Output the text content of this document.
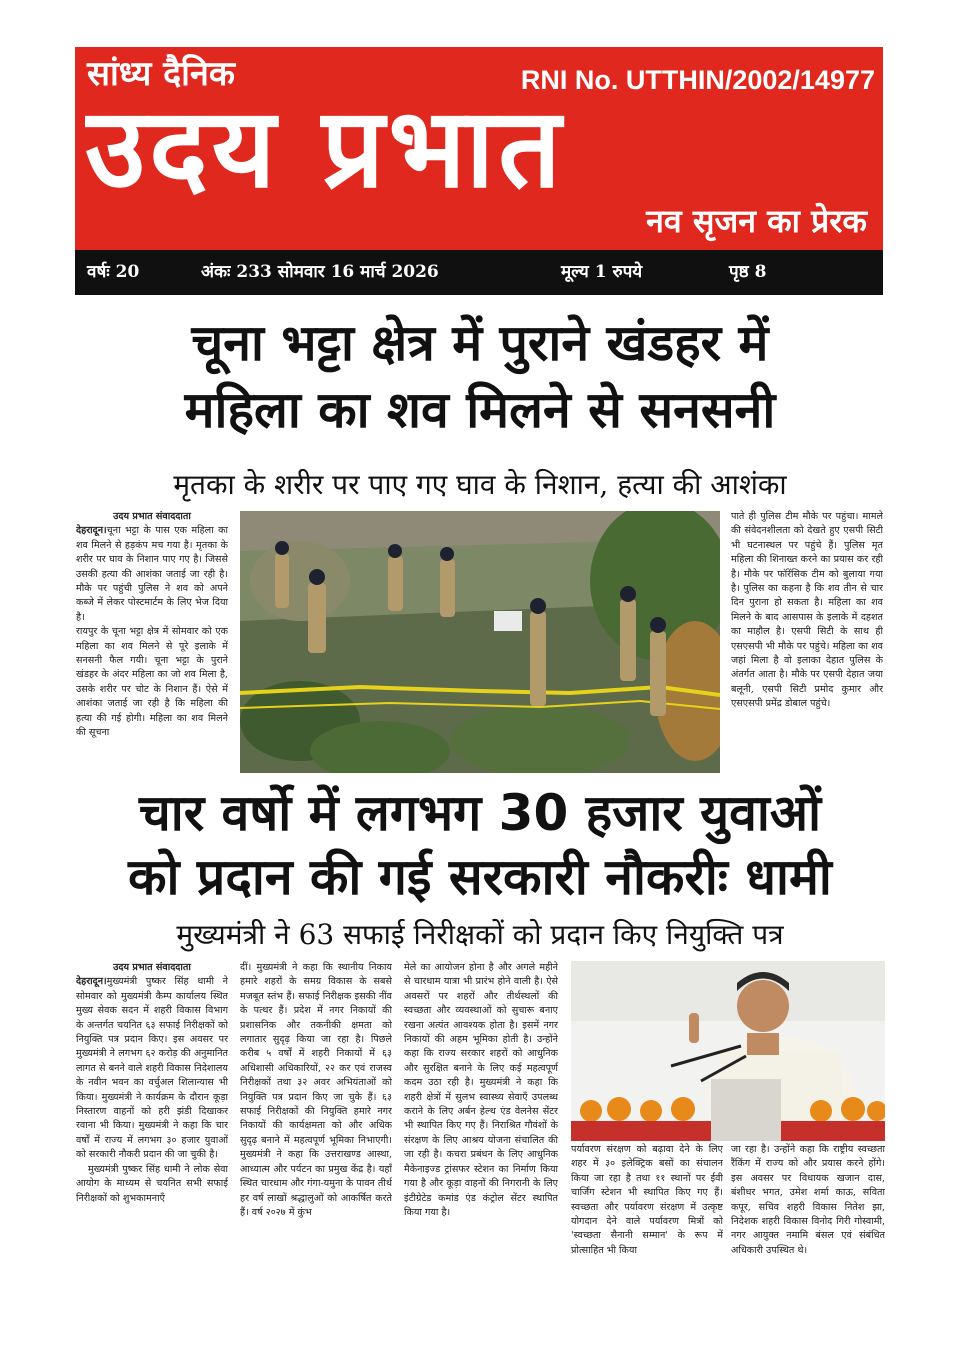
सांध्य दैनिक	RNI No. UTTHIN/2002/14977
उदय प्रभात
नव सृजन का प्रेरक
वर्षः 20	अंकः 233 सोमवार 16 मार्च 2026	मूल्य 1 रुपये	पृष्ठ 8
चूना भट्टा क्षेत्र में पुराने खंडहर में
महिला का शव मिलने से सनसनी
मृतका के शरीर पर पाए गए घाव के निशान, हत्या की आशंका
उदय प्रभात संवाददाता

देहरादून।चूना भट्टा के पास एक महिला का शव मिलने से हड़कंप मच गया है। मृतका के शरीर पर घाव के निशान पाए गए है। जिससे उसकी हत्या की आशंका जताई जा रही है। मौके पर पहुंची पुलिस ने शव को अपने कब्जे में लेकर पोस्टमार्टम के लिए भेज दिया है।

रायपुर के चूना भट्टा क्षेत्र में सोमवार को एक महिला का शव मिलने से पूरे इलाके में सनसनी फैल गयी। चूना भट्टा के पुराने खंडहर के अंदर महिला का जो शव मिला है, उसके शरीर पर चोट के निशान हैं। ऐसे में आशंका जताई जा रही है कि महिला की हत्या की गई होगी। महिला का शव मिलने की सूचना

पाते ही पुलिस टीम मौके पर पहुंचा। मामले की संवेदनशीलता को देखते हुए एसपी सिटी भी घटनास्थल पर पहुंचे हैं। पुलिस मृत महिला की शिनाख्त करने का प्रयास कर रही है। मौके पर फॉरेंसिक टीम को बुलाया गया है। पुलिस का कहना है कि शव तीन से चार दिन पुराना हो सकता है। महिला का शव मिलने के बाद आसपास के इलाके में दहशत का माहौल है। एसपी सिटी के साथ ही एसएसपी भी मौके पर पहुंचे। महिला का शव जहां मिला है वो इलाका देहात पुलिस के अंतर्गत आता है। मौके पर एसपी देहात जया बलूनी, एसपी सिटी प्रमोद कुमार और एसएसपी प्रमेंद्र डोबाल पहुंचे।
चार वर्षो में लगभग 30 हजार युवाओं
को प्रदान की गई सरकारी नौकरीः धामी
मुख्यमंत्री ने 63 सफाई निरीक्षकों को प्रदान किए नियुक्ति पत्र
उदय प्रभात संवाददाता

देहरादून।मुख्यमंत्री पुष्कर सिंह धामी ने सोमवार को मुख्यमंत्री कैम्प कार्यालय स्थित मुख्य सेवक सदन में शहरी विकास विभाग के अन्तर्गत चयनित ६३ सफाई निरीक्षकों को नियुक्ति पत्र प्रदान किए। इस अवसर पर मुख्यमंत्री ने लगभग ६२ करोड़ की अनुमानित लागत से बनने वाले शहरी विकास निदेशालय के नवीन भवन का वर्चुअल शिलान्यास भी किया। मुख्यमंत्री ने कार्यक्रम के दौरान कूड़ा निस्तारण वाहनों को हरी झंडी दिखाकर रवाना भी किया। मुख्यमंत्री ने कहा कि चार वर्षों में राज्य में लगभग ३० हजार युवाओं को सरकारी नौकरी प्रदान की जा चुकी है।

मुख्यमंत्री पुष्कर सिंह धामी ने लोक सेवा आयोग के माध्यम से चयनित सभी सफाई निरीक्षकों को शुभकामनाएँ

दीं। मुख्यमंत्री ने कहा कि स्थानीय निकाय हमारे शहरों के समग्र विकास के सबसे मजबूत स्तंभ हैं। सफाई निरीक्षक इसकी नींव के पत्थर हैं। प्रदेश में नगर निकायों की प्रशासनिक और तकनीकी क्षमता को लगातार सुदृढ़ किया जा रहा है। पिछले करीब ५ वर्षों में शहरी निकायों में ६३ अधिशासी अधिकारियों, २२ कर एवं राजस्व निरीक्षकों तथा ३२ अवर अभियंताओं को नियुक्ति पत्र प्रदान किए जा चुके हैं। ६३ सफाई निरीक्षकों की नियुक्ति हमारे नगर निकायों की कार्यक्षमता को और अधिक सुदृढ़ बनाने में महत्वपूर्ण भूमिका निभाएगी। मुख्यमंत्री ने कहा कि उत्तराखण्ड आस्था, आध्यात्म और पर्यटन का प्रमुख केंद्र है। यहाँ स्थित चारधाम और गंगा-यमुना के पावन तीर्थ हर वर्ष लाखों श्रद्धालुओं को आकर्षित करते हैं। वर्ष २०२७ में कुंभ
मेले का आयोजन होना है और अगले महीने से चारधाम यात्रा भी प्रारंभ होने वाली है। ऐसे अवसरों पर शहरों और तीर्थस्थलों की स्वच्छता और व्यवस्थाओं को सुचारू बनाए रखना अत्यंत आवश्यक होता है। इसमें नगर निकायों की अहम भूमिका होती है। उन्होंने कहा कि राज्य सरकार शहरों को आधुनिक और सुरक्षित बनाने के लिए कई महत्वपूर्ण कदम उठा रही है। मुख्यमंत्री ने कहा कि शहरी क्षेत्रों में सुलभ स्वास्थ्य सेवाएँ उपलब्ध कराने के लिए अर्बन हेल्थ एंड वेलनेस सेंटर भी स्थापित किए गए हैं। निराश्रित गौवंशों के संरक्षण के लिए आश्रय योजना संचालित की जा रही है। कचरा प्रबंधन के लिए आधुनिक मैकेनाइज्ड ट्रांसफर स्टेशन का निर्माण किया गया है और कूड़ा वाहनों की निगरानी के लिए इंटीग्रेटेड कमांड एंड कंट्रोल सेंटर स्थापित किया गया है।
पर्यावरण संरक्षण को बढ़ावा देने के लिए शहर में ३० इलेक्ट्रिक बसों का संचालन किया जा रहा है तथा ११ स्थानों पर ईवी चार्जिंग स्टेशन भी स्थापित किए गए हैं। स्वच्छता और पर्यावरण संरक्षण में उत्कृष्ट योगदान देने वाले पर्यावरण मित्रों को 'स्वच्छता सैनानी सम्मान' के रूप में प्रोत्साहित भी किया
जा रहा है। उन्होंने कहा कि राष्ट्रीय स्वच्छता रैंकिंग में राज्य को और प्रयास करने होंगे। इस अवसर पर विधायक खजान दास, बंशीधर भगत, उमेश शर्मा काऊ, सविता कपूर, सचिव शहरी विकास नितेश झा, निदेशक शहरी विकास विनोद गिरी गोस्वामी, नगर आयुक्त नमामि बंसल एवं संबंधित अधिकारी उपस्थित थे।
